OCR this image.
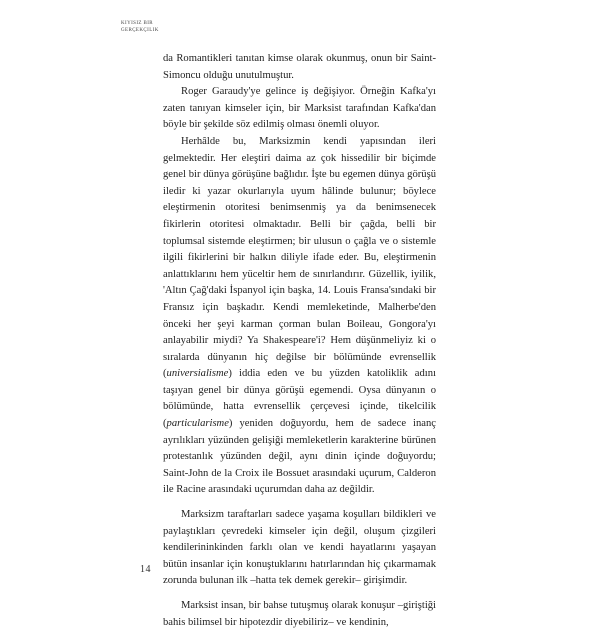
KIYISIZ BIR
GERÇEKÇILIK

da Romantikleri tanıtan kimse olarak okunmuş, onun bir Saint-Simoncu olduğu unutulmuştur.

Roger Garaudy'ye gelince iş değişiyor. Örneğin Kafka'yı zaten tanıyan kimseler için, bir Marksist tarafından Kafka'dan böyle bir şekilde söz edilmiş olması önemli oluyor.

Herhâlde bu, Marksizmin kendi yapısından ileri gelmektedir. Her eleştiri daima az çok hissedilir bir biçimde genel bir dünya görüşüne bağlıdır. İşte bu egemen dünya görüşü iledir ki yazar okurlarıyla uyum hâlinde bulunur; böylece eleştirmenin otoritesi benimsenmiş ya da benimsenecek fikirlerin otoritesi olmaktadır. Belli bir çağda, belli bir toplumsal sistemde eleştirmen; bir ulusun o çağla ve o sistemle ilgili fikirlerini bir halkın diliyle ifade eder. Bu, eleştirmenin anlattıklarını hem yüceltir hem de sınırlandırır. Güzellik, iyilik, 'Altın Çağ'daki İspanyol için başka, 14. Louis Fransa'sındaki bir Fransız için başkadır. Kendi memleketinde, Malherbe'den önceki her şeyi karman çorman bulan Boileau, Gongora'yı anlayabilir miydi? Ya Shakespeare'i? Hem düşünmeliyiz ki o sıralarda dünyanın hiç değilse bir bölümünde evrensellik (universialisme) iddia eden ve bu yüzden katoliklik adını taşıyan genel bir dünya görüşü egemendi. Oysa dünyanın o bölümünde, hatta evrensellik çerçevesi içinde, tikelcilik (particularisme) yeniden doğuyordu, hem de sadece inanç ayrılıkları yüzünden gelişiği memleketlerin karakterine bürünen protestanlık yüzünden değil, aynı dinin içinde doğuyordu; Saint-John de la Croix ile Bossuet arasındaki uçurum, Calderon ile Racine arasındaki uçurumdan daha az değildir.

Marksizm taraftarları sadece yaşama koşulları bildikleri ve paylaştıkları çevredeki kimseler için değil, oluşum çizgileri kendilerininkinden farklı olan ve kendi hayatlarını yaşayan bütün insanlar için konuştuklarını hatırlarından hiç çıkarmamak zorunda bulunan ilk –hatta tek demek gerekir– girişimdir.

Marksist insan, bir bahse tutuşmuş olarak konuşur –giriştiği bahis bilimsel bir hipotezdir diyebiliriz– ve kendinin,

14
